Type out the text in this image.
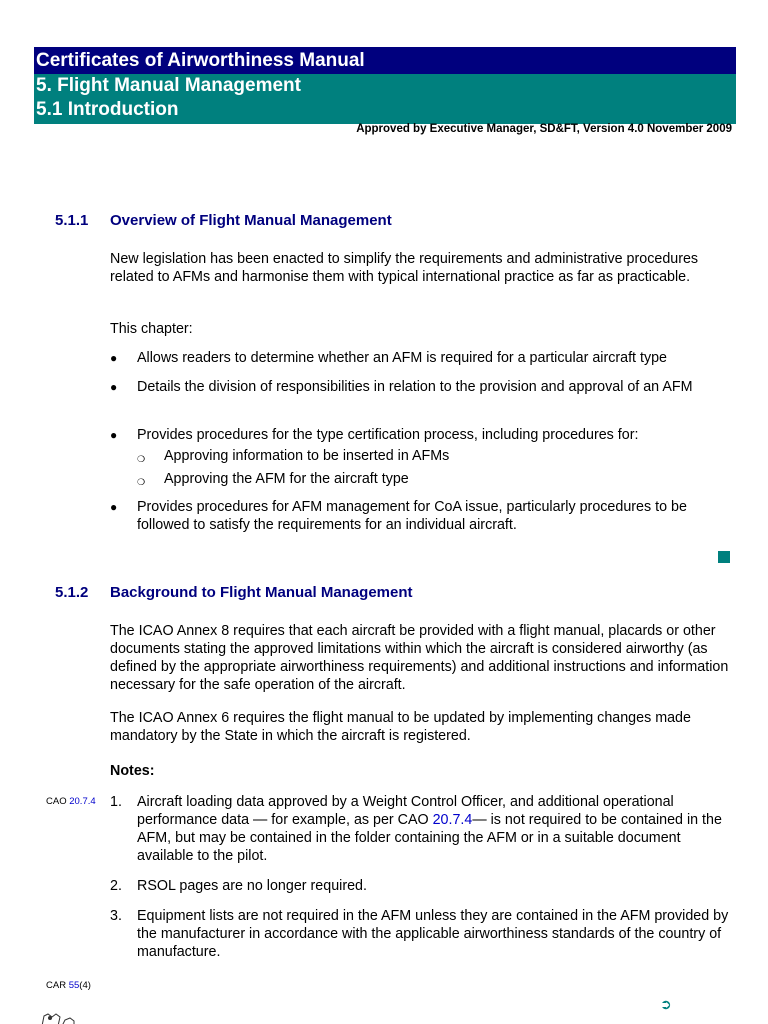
Certificates of Airworthiness Manual
5. Flight Manual Management
5.1 Introduction
Approved by Executive Manager, SD&FT, Version 4.0 November 2009
5.1.1 Overview of Flight Manual Management
New legislation has been enacted to simplify the requirements and administrative procedures related to AFMs and harmonise them with typical international practice as far as practicable.
This chapter:
● Allows readers to determine whether an AFM is required for a particular aircraft type
● Details the division of responsibilities in relation to the provision and approval of an AFM
● Provides procedures for the type certification process, including procedures for:
❍ Approving information to be inserted in AFMs
❍ Approving the AFM for the aircraft type
● Provides procedures for AFM management for CoA issue, particularly procedures to be followed to satisfy the requirements for an individual aircraft.
5.1.2 Background to Flight Manual Management
The ICAO Annex 8 requires that each aircraft be provided with a flight manual, placards or other documents stating the approved limitations within which the aircraft is considered airworthy (as defined by the appropriate airworthiness requirements) and additional instructions and information necessary for the safe operation of the aircraft.
The ICAO Annex 6 requires the flight manual to be updated by implementing changes made mandatory by the State in which the aircraft is registered.
Notes:
CAO 20.7.4 1. Aircraft loading data approved by a Weight Control Officer, and additional operational performance data — for example, as per CAO 20.7.4— is not required to be contained in the AFM, but may be contained in the folder containing the AFM or in a suitable document available to the pilot.
2. RSOL pages are no longer required.
3. Equipment lists are not required in the AFM unless they are contained in the AFM provided by the manufacturer in accordance with the applicable airworthiness standards of the country of manufacture.
CAR 55(4)
➲
